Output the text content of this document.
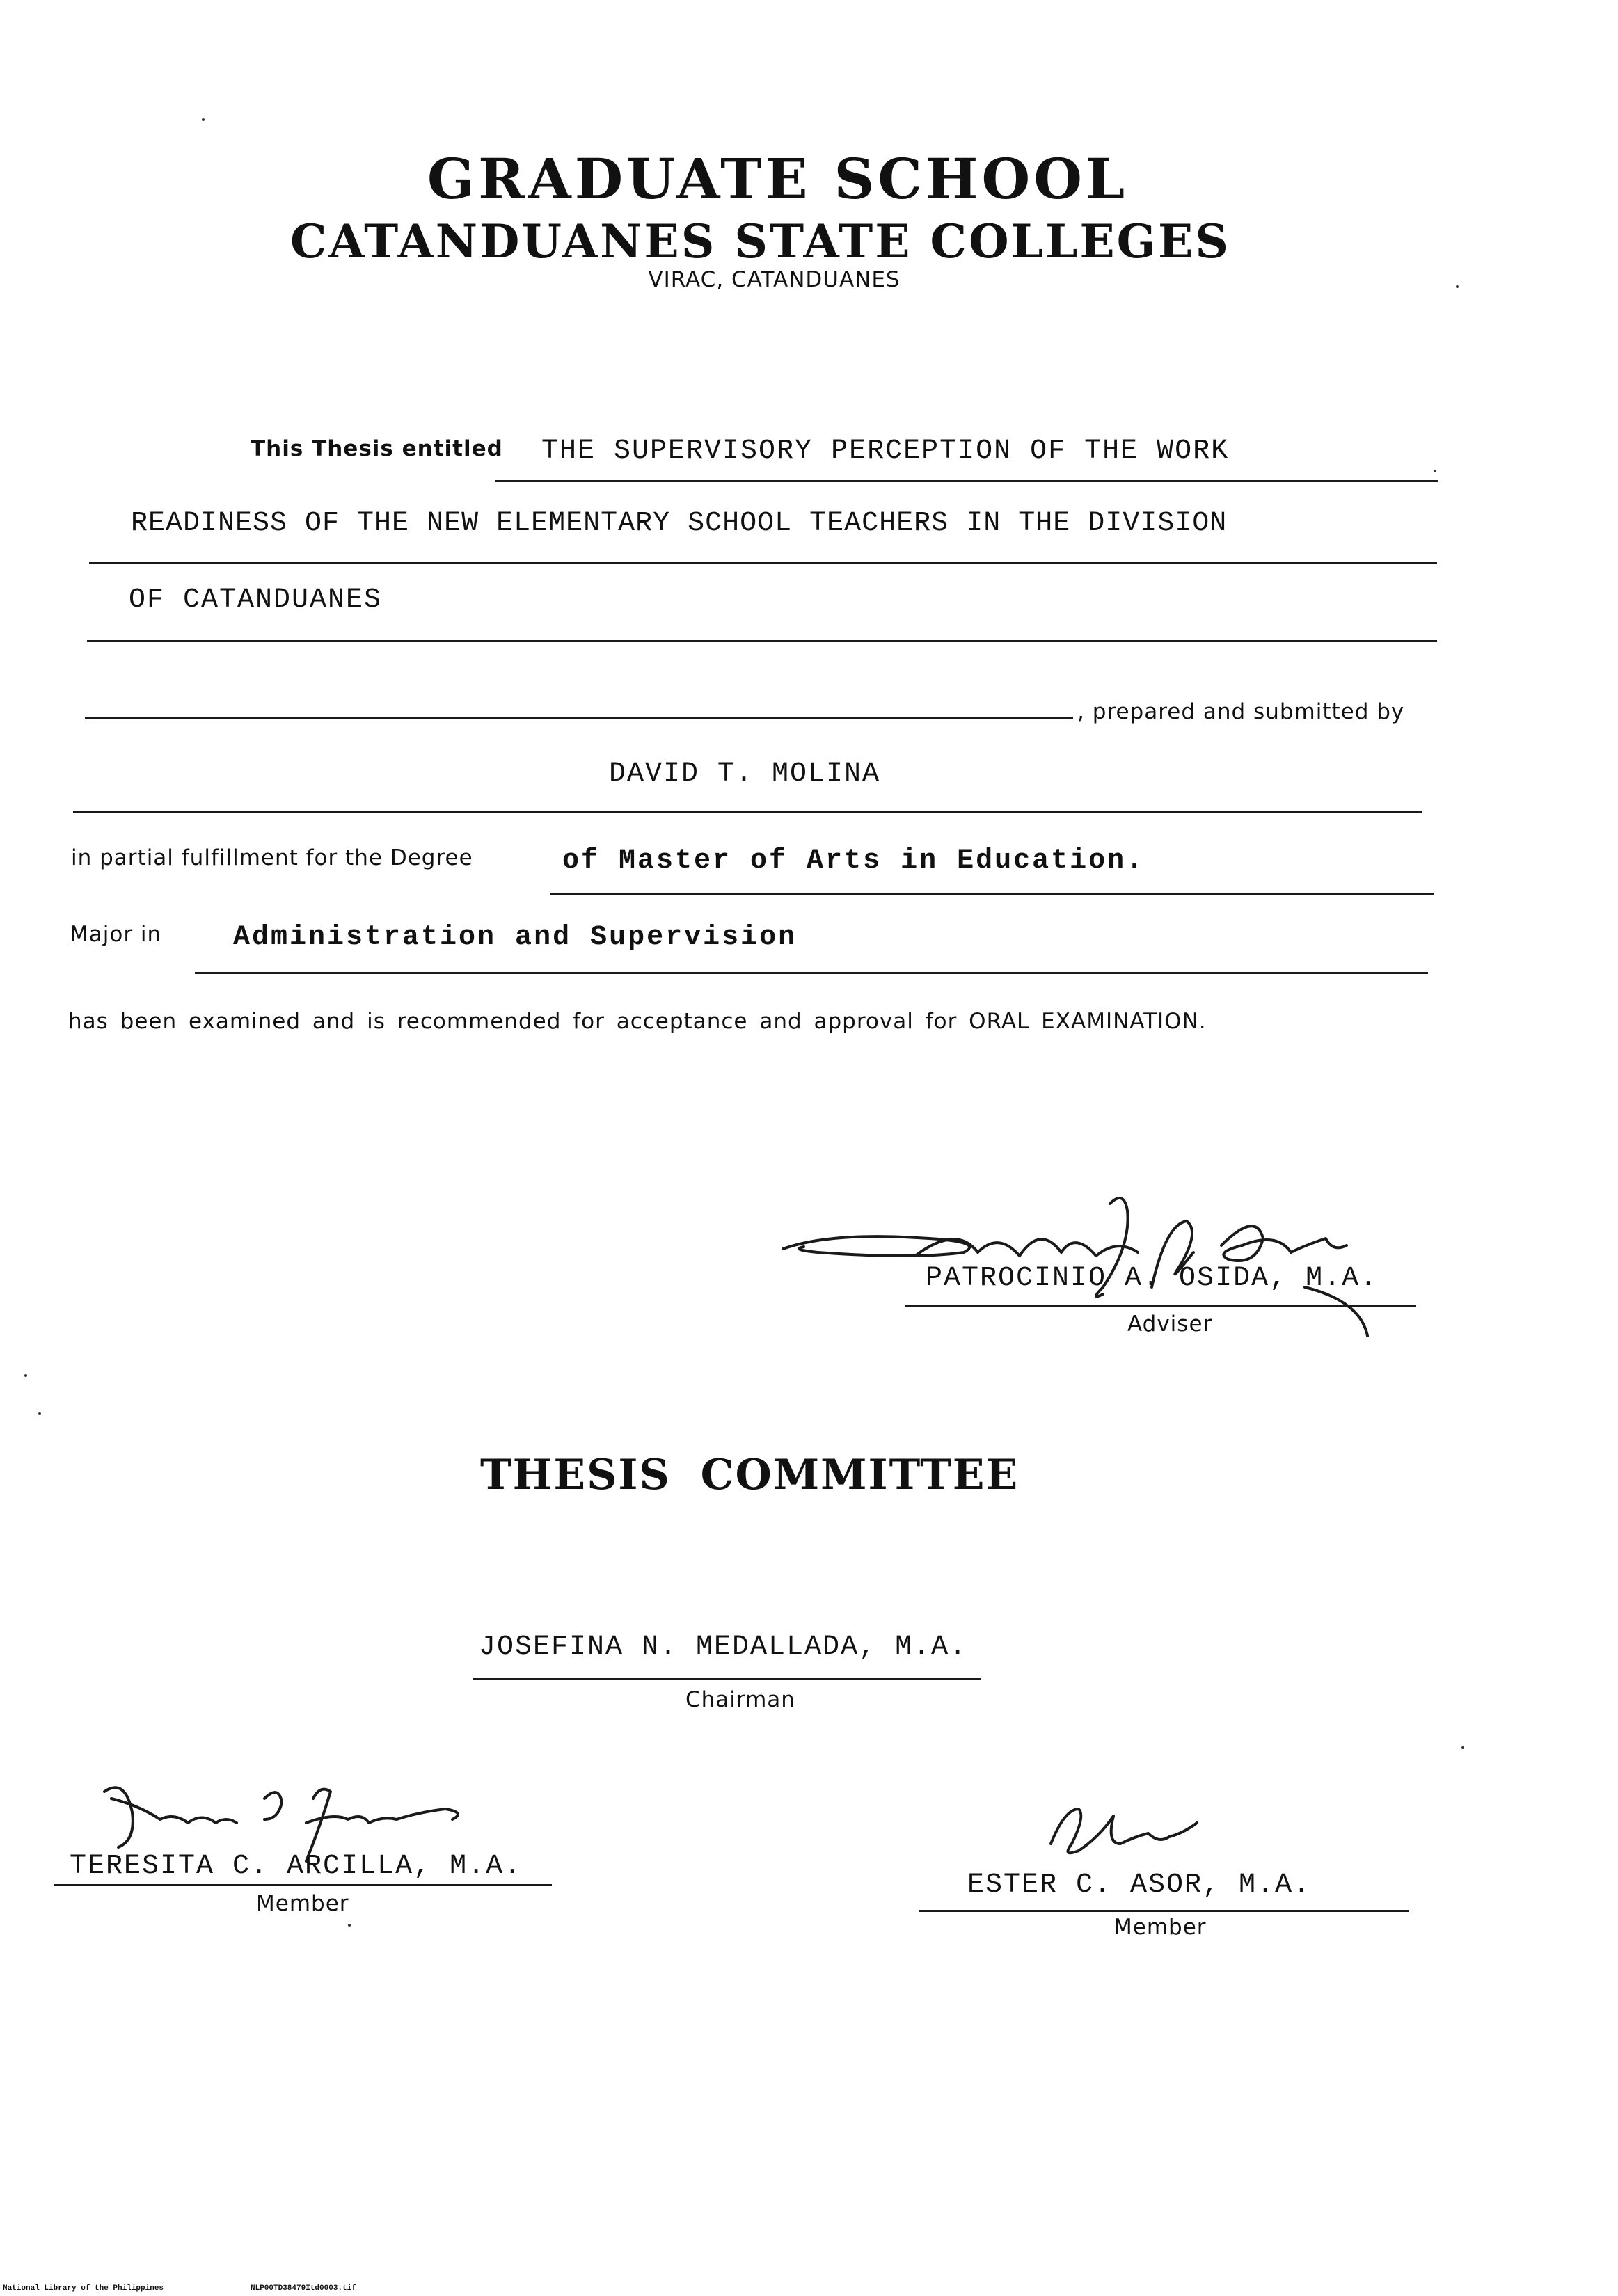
GRADUATE SCHOOL
CATANDUANES STATE COLLEGES
VIRAC, CATANDUANES
This Thesis entitled THE SUPERVISORY PERCEPTION OF THE WORK
READINESS OF THE NEW ELEMENTARY SCHOOL TEACHERS IN THE DIVISION
OF CATANDUANES
, prepared and submitted by
DAVID T. MOLINA
in partial fulfillment for the Degree	of Master of Arts in Education.
Major in	Administration and Supervision
has been examined and is recommended for acceptance and approval for ORAL EXAMINATION.
PATROCINIO A. OSIDA, M.A.
Adviser
THESIS COMMITTEE
JOSEFINA N. MEDALLADA, M.A.
Chairman
TERESITA C. ARCILLA, M.A.
Member
ESTER C. ASOR, M.A.
Member
National Library of the Philippines	NLP00TD38479Itd0003.tif
